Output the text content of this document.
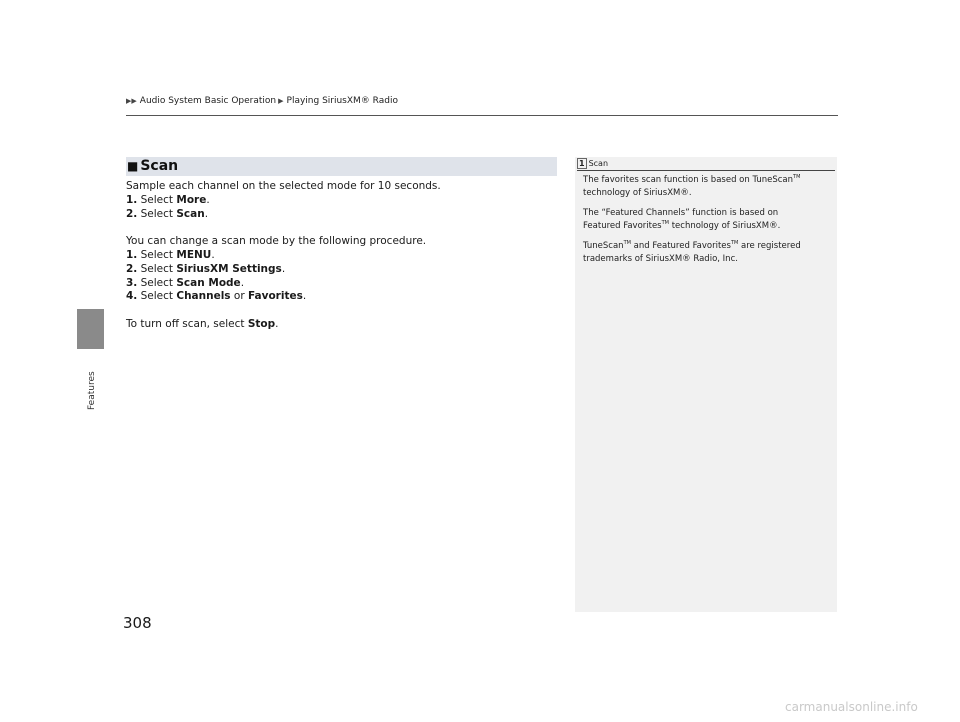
Features
▶▶ Audio System Basic Operation ▶ Playing SiriusXM® Radio
■ Scan

Sample each channel on the selected mode for 10 seconds.

1. Select More.

2. Select Scan.

You can change a scan mode by the following procedure.

1. Select MENU.

2. Select SiriusXM Settings.

3. Select Scan Mode.

4. Select Channels or Favorites.

To turn off scan, select Stop.

1 Scan

The favorites scan function is based on TuneScan™
technology of SiriusXM®.

The “Featured Channels” function is based on
Featured Favorites™ technology of SiriusXM®.

TuneScan™ and Featured Favorites™ are registered
trademarks of SiriusXM® Radio, Inc.

308
carmanualsonline.info
